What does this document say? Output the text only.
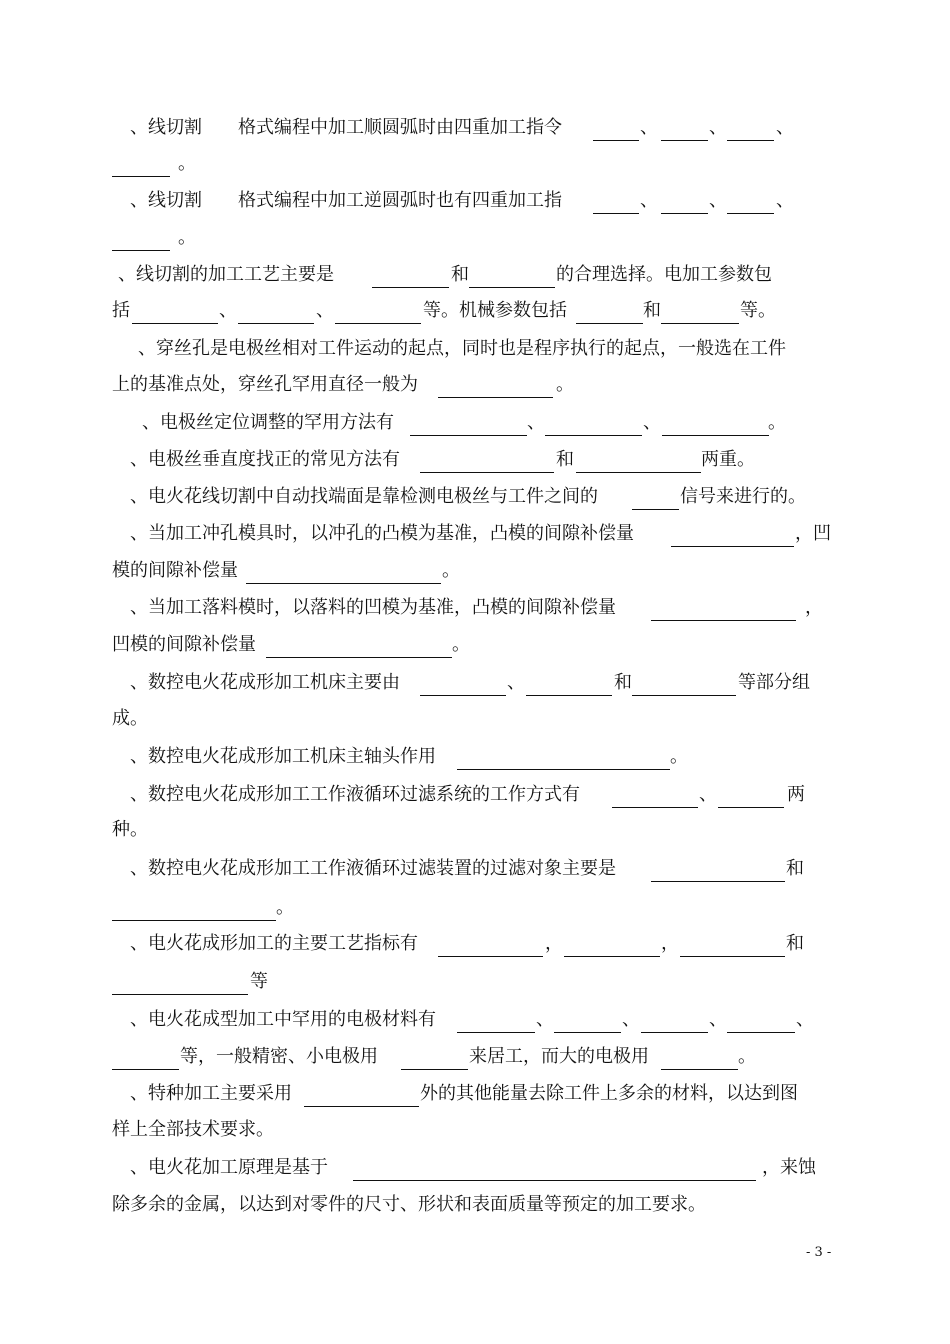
、线切割 格式编程中加工顺圆弧时由四重加工指令	、	、	、
。
、线切割 格式编程中加工逆圆弧时也有四重加工指	、	、	、
。
、线切割的加工工艺主要是	和	的合理选择。电加工参数包
括	、	、	等。机械参数包括	和	等。
、穿丝孔是电极丝相对工件运动的起点，同时也是程序执行的起点，一般选在工件
上的基准点处，穿丝孔罕用直径一般为	。
、电极丝定位调整的罕用方法有	、	、	。
、电极丝垂直度找正的常见方法有	和	两重。
、电火花线切割中自动找端面是靠检测电极丝与工件之间的	信号来进行的。
、当加工冲孔模具时，以冲孔的凸模为基准，凸模的间隙补偿量	，凹
模的间隙补偿量	。
、当加工落料模时，以落料的凹模为基准，凸模的间隙补偿量	，
凹模的间隙补偿量	。
、数控电火花成形加工机床主要由	、	和	等部分组
成。
、数控电火花成形加工机床主轴头作用	。
、数控电火花成形加工工作液循环过滤系统的工作方式有	、	两
种。
、数控电火花成形加工工作液循环过滤装置的过滤对象主要是	和
。
、电火花成形加工的主要工艺指标有	，	，	和
等
、电火花成型加工中罕用的电极材料有	、	、	、	、
等，一般精密、小电极用	来居工，而大的电极用	。
、特种加工主要采用	外的其他能量去除工件上多余的材料，以达到图
样上全部技术要求。
、电火花加工原理是基于	，来蚀
除多余的金属，以达到对零件的尺寸、形状和表面质量等预定的加工要求。
- 3 -
